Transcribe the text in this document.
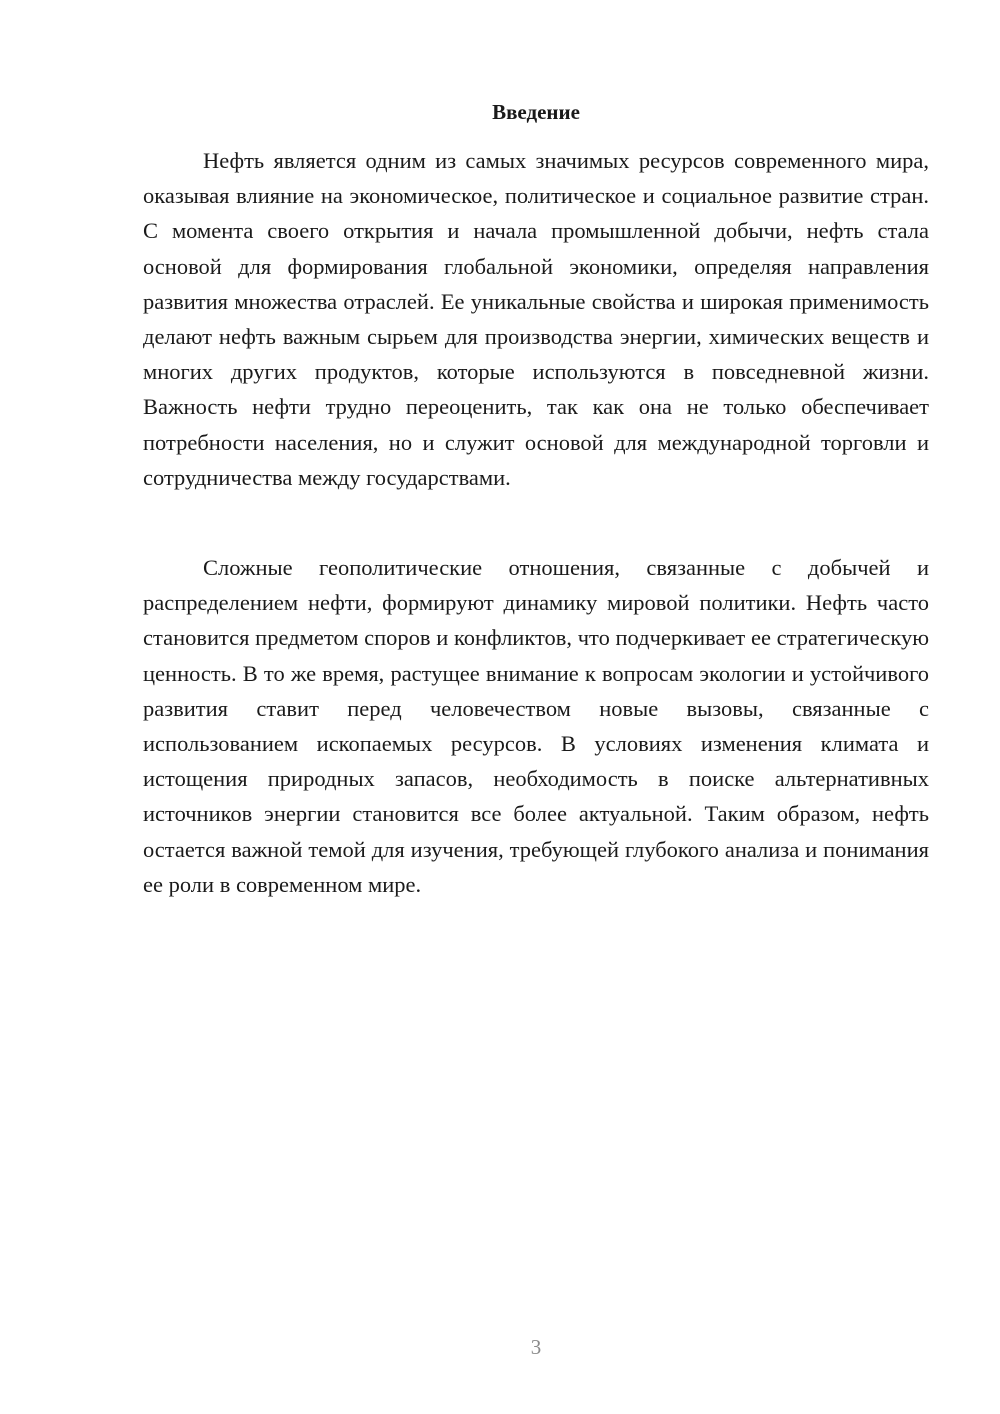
Введение

Нефть является одним из самых значимых ресурсов современного мира, оказывая влияние на экономическое, политическое и социальное развитие стран. С момента своего открытия и начала промышленной добычи, нефть стала основой для формирования глобальной экономики, определяя направления развития множества отраслей. Ее уникальные свойства и широкая применимость делают нефть важным сырьем для производства энергии, химических веществ и многих других продуктов, которые используются в повседневной жизни. Важность нефти трудно переоценить, так как она не только обеспечивает потребности населения, но и служит основой для международной торговли и сотрудничества между государствами.

Сложные геополитические отношения, связанные с добычей и распределением нефти, формируют динамику мировой политики. Нефть часто становится предметом споров и конфликтов, что подчеркивает ее стратегическую ценность. В то же время, растущее внимание к вопросам экологии и устойчивого развития ставит перед человечеством новые вызовы, связанные с использованием ископаемых ресурсов. В условиях изменения климата и истощения природных запасов, необходимость в поиске альтернативных источников энергии становится все более актуальной. Таким образом, нефть остается важной темой для изучения, требующей глубокого анализа и понимания ее роли в современном мире.

3
